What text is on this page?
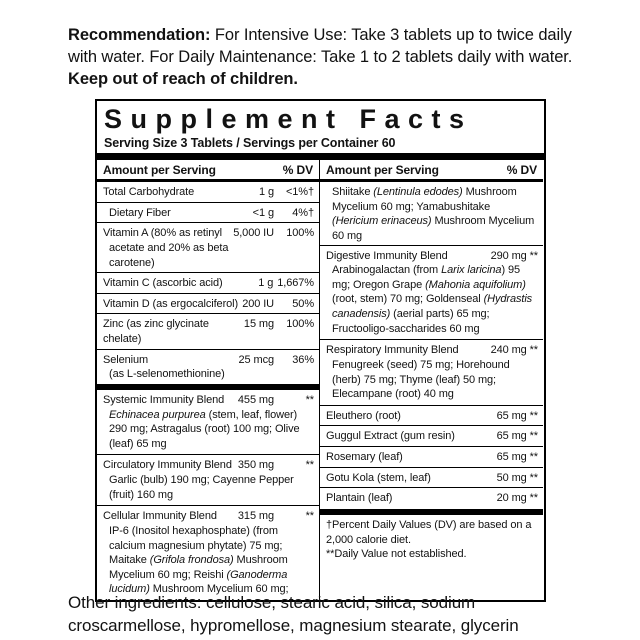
Recommendation: For Intensive Use: Take 3 tablets up to twice daily with water. For Daily Maintenance: Take 1 to 2 tablets daily with water. Keep out of reach of children.
Supplement Facts
Serving Size 3 Tablets / Servings per Container 60
Amount per Serving	% DV
Total Carbohydrate	1 g	<1%†
Dietary Fiber	<1 g	4%†
Vitamin A (80% as retinyl
acetate and 20% as beta carotene)
5,000 IU	100%
Vitamin C (ascorbic acid)	1 g 1,667%
Vitamin D (as ergocalciferol) 200 IU	50%
Zinc (as zinc glycinate chelate)
15 mg	100%
Selenium
(as L-selenomethionine)
25 mcg	36%
Systemic Immunity Blend	455 mg	**
Echinacea purpurea (stem, leaf, flower) 290 mg; Astragalus (root) 100 mg; Olive (leaf) 65 mg
Circulatory Immunity Blend 350 mg	**
Garlic (bulb) 190 mg; Cayenne Pepper (fruit) 160 mg
Cellular Immunity Blend	315 mg	**
IP-6 (Inositol hexaphosphate) (from calcium magnesium phytate) 75 mg; Maitake (Grifola frondosa) Mushroom Mycelium 60 mg; Reishi (Ganoderma lucidum) Mushroom Mycelium 60 mg;
Amount per Serving	% DV
Shiitake (Lentinula edodes) Mushroom Mycelium 60 mg; Yamabushitake (Hericium erinaceus) Mushroom Mycelium 60 mg
Digestive Immunity Blend	290 mg **
Arabinogalactan (from Larix laricina) 95 mg; Oregon Grape (Mahonia aquifolium) (root, stem) 70 mg; Goldenseal (Hydrastis canadensis) (aerial parts) 65 mg; Fructooligo-saccharides 60 mg
Respiratory Immunity Blend	240 mg **
Fenugreek (seed) 75 mg; Horehound (herb) 75 mg; Thyme (leaf) 50 mg; Elecampane (root) 40 mg
Eleuthero (root)	65 mg **
Guggul Extract (gum resin)	65 mg **
Rosemary (leaf)	65 mg **
Gotu Kola (stem, leaf)	50 mg **
Plantain (leaf)	20 mg **
†Percent Daily Values (DV) are based on a 2,000 calorie diet.
**Daily Value not established.
Other ingredients: cellulose, stearic acid, silica, sodium croscarmellose, hypromellose, magnesium stearate, glycerin
